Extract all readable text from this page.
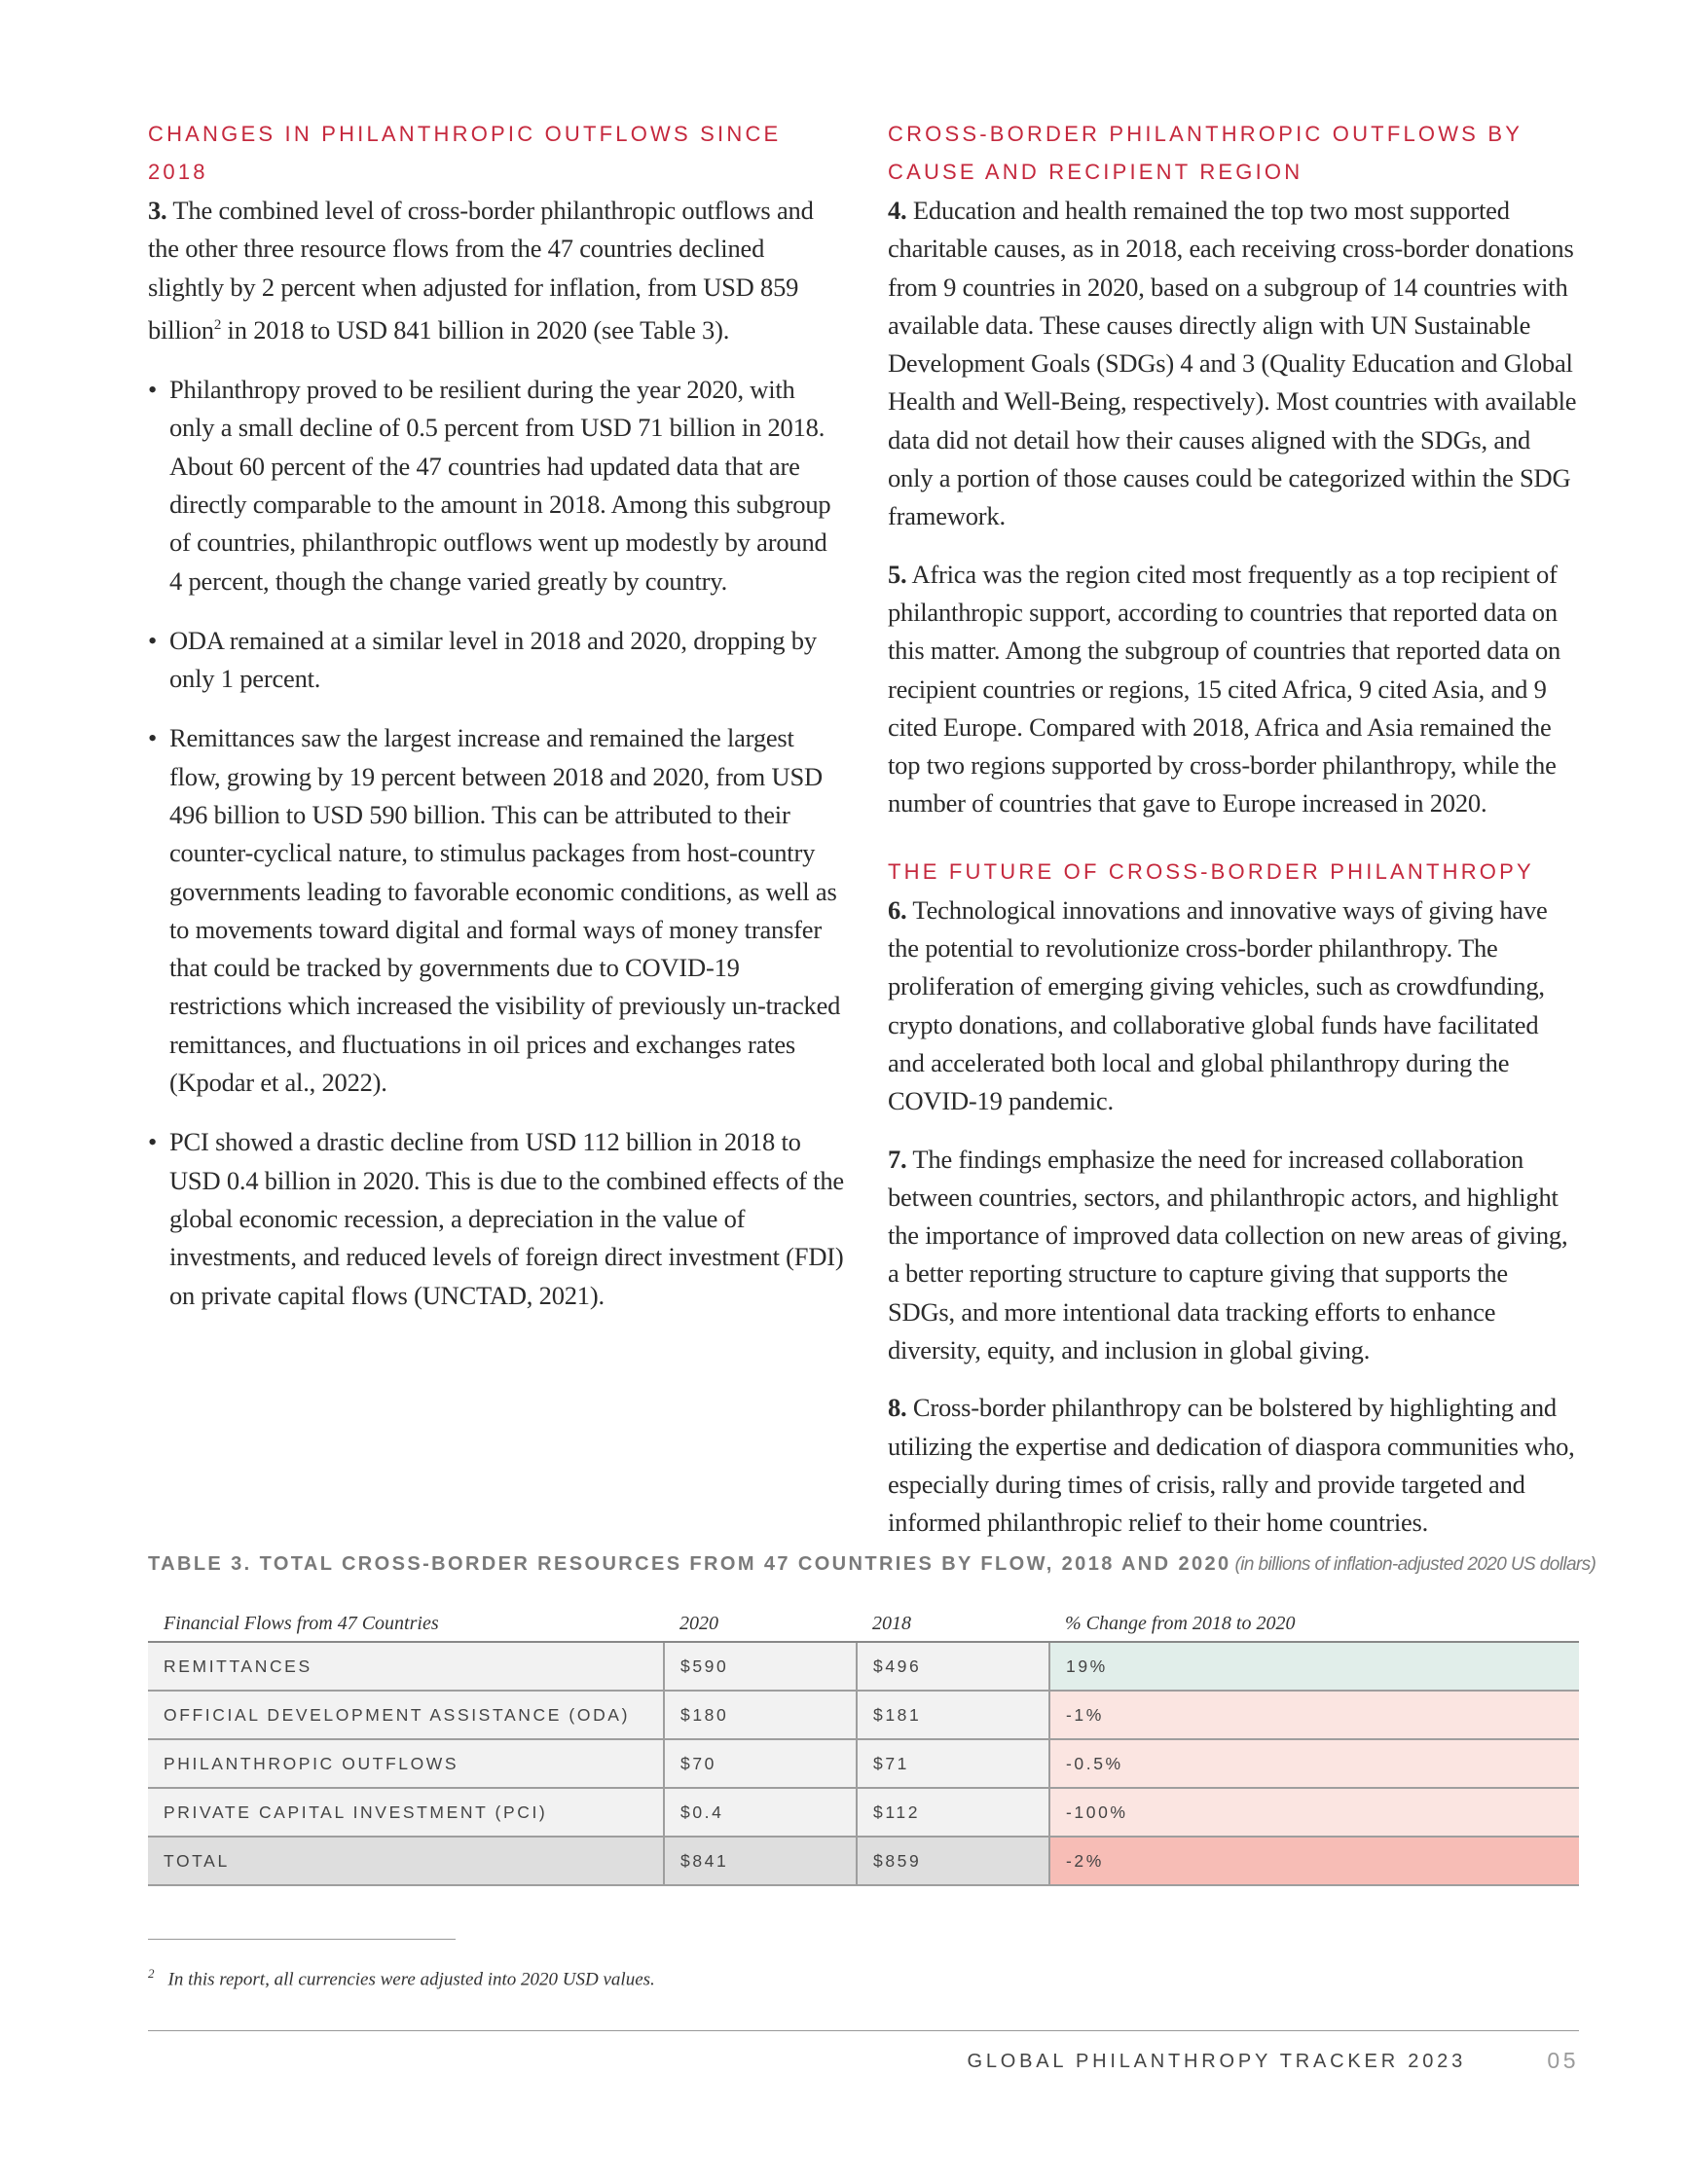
CHANGES IN PHILANTHROPIC OUTFLOWS SINCE 2018

3. The combined level of cross-border philanthropic outflows and the other three resource flows from the 47 countries declined slightly by 2 percent when adjusted for inflation, from USD 859 billion$^2$ in 2018 to USD 841 billion in 2020 (see Table 3).

• Philanthropy proved to be resilient during the year 2020, with only a small decline of 0.5 percent from USD 71 billion in 2018. About 60 percent of the 47 countries had updated data that are directly comparable to the amount in 2018. Among this subgroup of countries, philanthropic outflows went up modestly by around 4 percent, though the change varied greatly by country.
• ODA remained at a similar level in 2018 and 2020, dropping by only 1 percent.
• Remittances saw the largest increase and remained the largest flow, growing by 19 percent between 2018 and 2020, from USD 496 billion to USD 590 billion. This can be attributed to their counter-cyclical nature, to stimulus packages from host-country governments leading to favorable economic conditions, as well as to movements toward digital and formal ways of money transfer that could be tracked by governments due to COVID-19 restrictions which increased the visibility of previously un-tracked remittances, and fluctuations in oil prices and exchanges rates (Kpodar et al., 2022).
• PCI showed a drastic decline from USD 112 billion in 2018 to USD 0.4 billion in 2020. This is due to the combined effects of the global economic recession, a depreciation in the value of investments, and reduced levels of foreign direct investment (FDI) on private capital flows (UNCTAD, 2021).
CROSS-BORDER PHILANTHROPIC OUTFLOWS BY CAUSE AND RECIPIENT REGION

4. Education and health remained the top two most supported charitable causes, as in 2018, each receiving cross-border donations from 9 countries in 2020, based on a subgroup of 14 countries with available data. These causes directly align with UN Sustainable Development Goals (SDGs) 4 and 3 (Quality Education and Global Health and Well-Being, respectively). Most countries with available data did not detail how their causes aligned with the SDGs, and only a portion of those causes could be categorized within the SDG framework.

5. Africa was the region cited most frequently as a top recipient of philanthropic support, according to countries that reported data on this matter. Among the subgroup of countries that reported data on recipient countries or regions, 15 cited Africa, 9 cited Asia, and 9 cited Europe. Compared with 2018, Africa and Asia remained the top two regions supported by cross-border philanthropy, while the number of countries that gave to Europe increased in 2020.

THE FUTURE OF CROSS-BORDER PHILANTHROPY

6. Technological innovations and innovative ways of giving have the potential to revolutionize cross-border philanthropy. The proliferation of emerging giving vehicles, such as crowdfunding, crypto donations, and collaborative global funds have facilitated and accelerated both local and global philanthropy during the COVID-19 pandemic.

7. The findings emphasize the need for increased collaboration between countries, sectors, and philanthropic actors, and highlight the importance of improved data collection on new areas of giving, a better reporting structure to capture giving that supports the SDGs, and more intentional data tracking efforts to enhance diversity, equity, and inclusion in global giving.

8. Cross-border philanthropy can be bolstered by highlighting and utilizing the expertise and dedication of diaspora communities who, especially during times of crisis, rally and provide targeted and informed philanthropic relief to their home countries.

TABLE 3. TOTAL CROSS-BORDER RESOURCES FROM 47 COUNTRIES BY FLOW, 2018 AND 2020 (in billions of inflation-adjusted 2020 US dollars)
Financial Flows from 47 Countries	2020	2018	% Change from 2018 to 2020
REMITTANCES	$590	$496	19%
OFFICIAL DEVELOPMENT ASSISTANCE (ODA)	$180	$181	-1%
PHILANTHROPIC OUTFLOWS	$70	$71	-0.5%
PRIVATE CAPITAL INVESTMENT (PCI)	$0.4	$112	-100%
TOTAL	$841	$859	-2%
$^2$ In this report, all currencies were adjusted into 2020 USD values.
GLOBAL PHILANTHROPY TRACKER 2023	05
